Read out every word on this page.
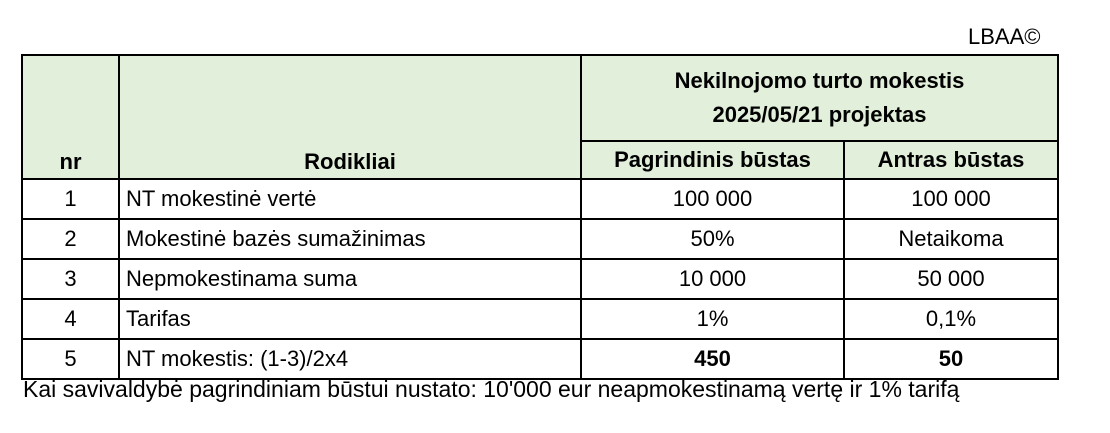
LBAA©
nr	Rodikliai	Nekilnojomo turto mokestis
2025/05/21 projektas	

		Pagrindinis būstas	Antras būstas
1	NT mokestinė vertė	100 000	100 000
2	Mokestinė bazės sumažinimas	50%	Netaikoma
3	Nepmokestinama suma	10 000	50 000
4	Tarifas	1%	0,1%
5	NT mokestis: (1-3)/2x4	450	50
Kai savivaldybė pagrindiniam būstui nustato: 10'000 eur neapmokestinamą vertę ir 1% tarifą
